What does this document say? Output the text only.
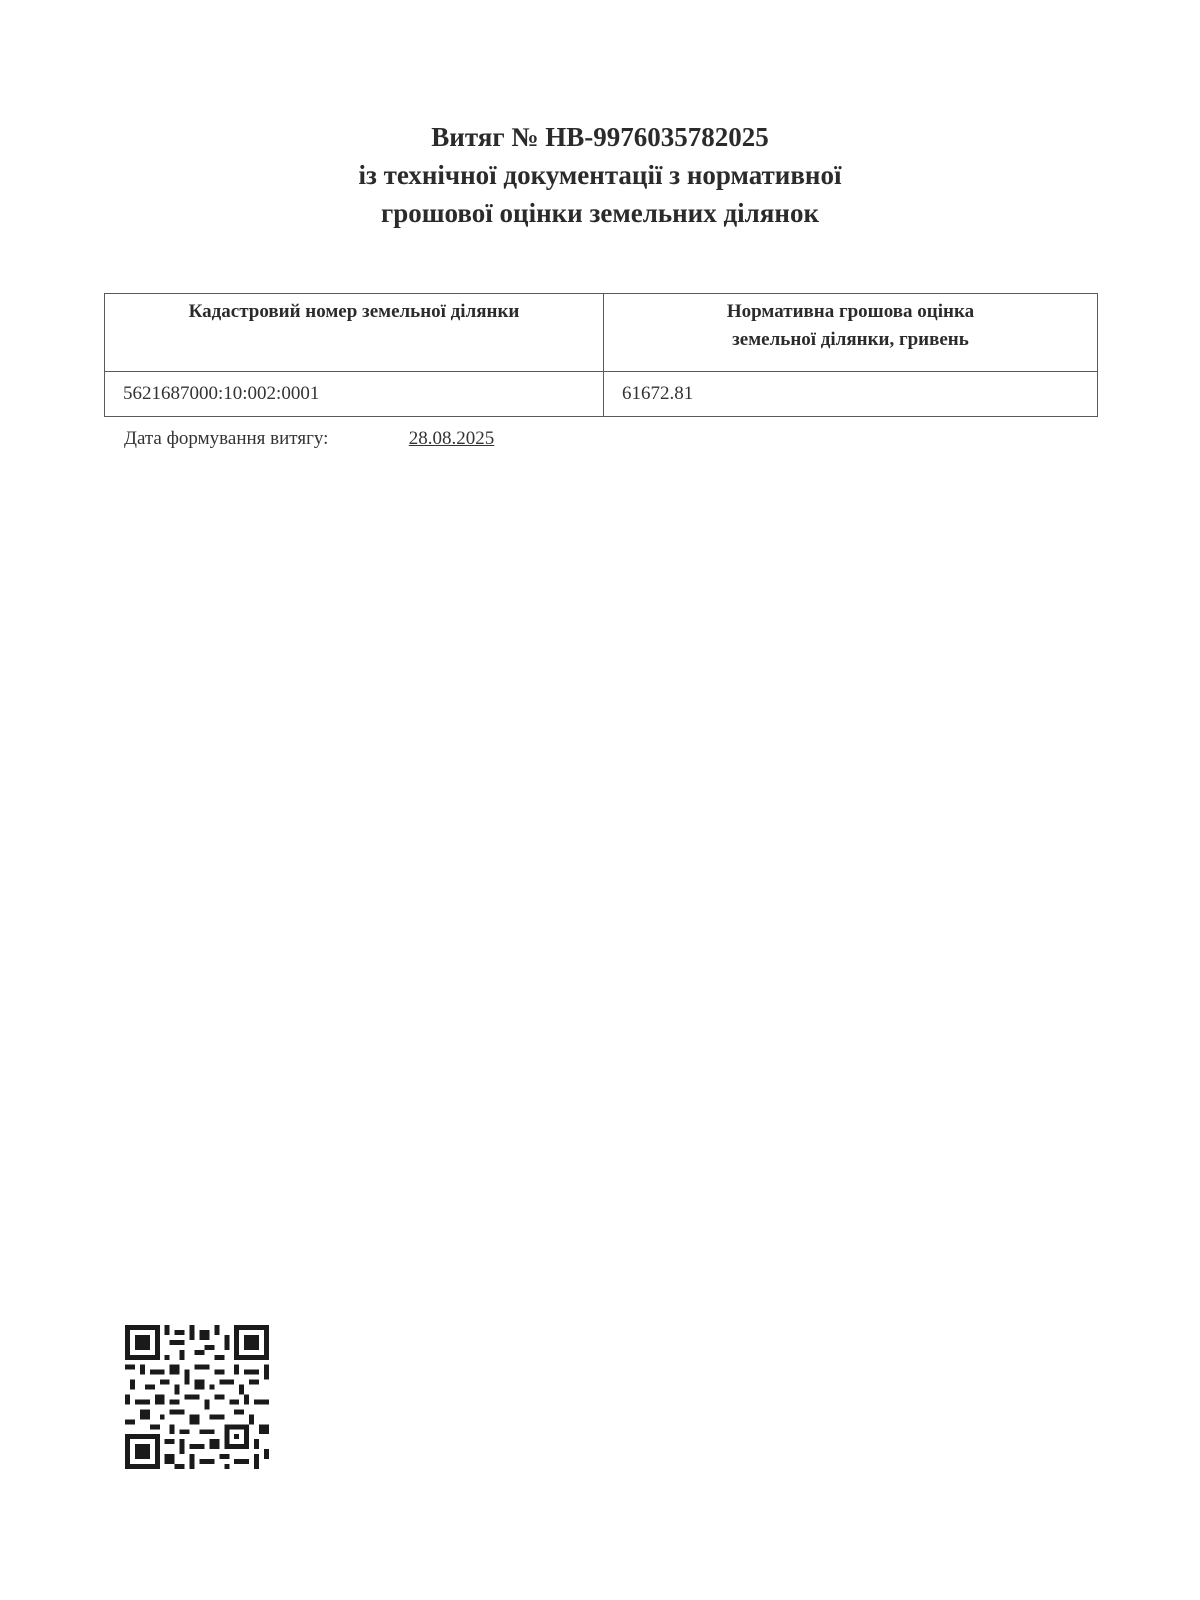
Витяг № НВ-9976035782025
із технічної документації з нормативної
грошової оцінки земельних ділянок
Кадастровий номер земельної ділянки	Нормативна грошова оцінка
земельної ділянки, гривень

5621687000:10:002:0001	61672.81
Дата формування витягу:	28.08.2025
